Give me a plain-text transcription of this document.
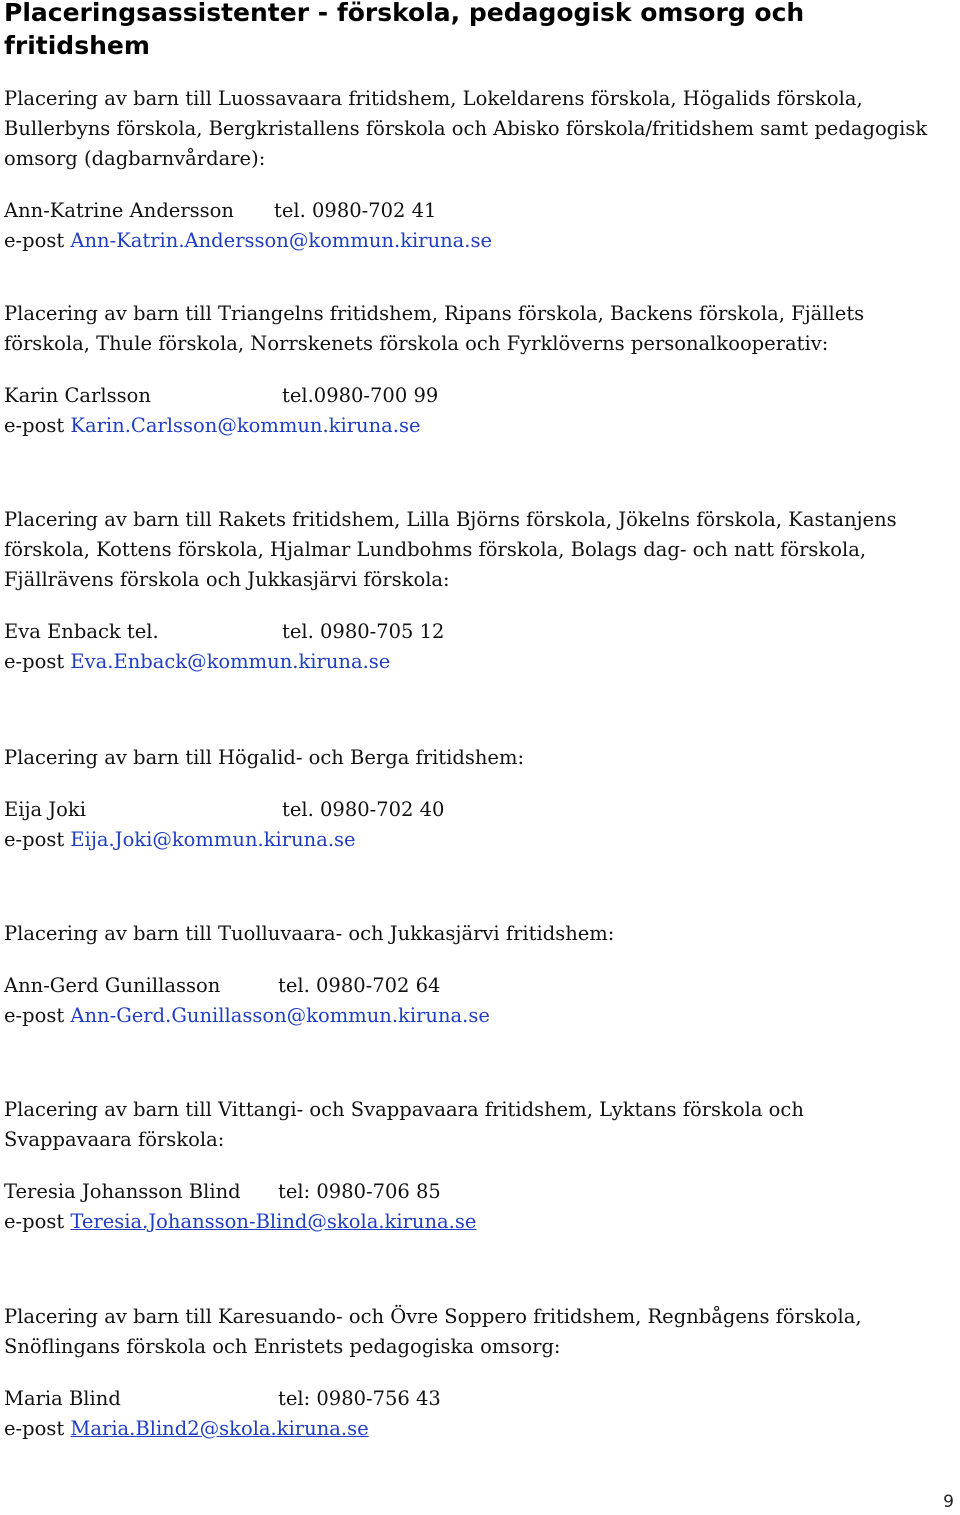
Placeringsassistenter - förskola, pedagogisk omsorg och fritidshem

Placering av barn till Luossavaara fritidshem, Lokeldarens förskola, Högalids förskola, Bullerbyns förskola, Bergkristallens förskola och Abisko förskola/fritidshem samt pedagogisk omsorg (dagbarnvårdare):

Ann-Katrine Andersson tel. 0980-702 41
e-post Ann-Katrin.Andersson@kommun.kiruna.se

Placering av barn till Triangelns fritidshem, Ripans förskola, Backens förskola, Fjällets förskola, Thule förskola, Norrskenets förskola och Fyrklöverns personalkooperativ:

Karin Carlsson	tel.0980-700 99
e-post Karin.Carlsson@kommun.kiruna.se

Placering av barn till Rakets fritidshem, Lilla Björns förskola, Jökelns förskola, Kastanjens förskola, Kottens förskola, Hjalmar Lundbohms förskola, Bolags dag- och natt förskola, Fjällrävens förskola och Jukkasjärvi förskola:

Eva Enback tel.	tel. 0980-705 12
e-post Eva.Enback@kommun.kiruna.se

Placering av barn till Högalid- och Berga fritidshem:

Eija Joki	tel. 0980-702 40
e-post Eija.Joki@kommun.kiruna.se

Placering av barn till Tuolluvaara- och Jukkasjärvi fritidshem:

Ann-Gerd Gunillasson	tel. 0980-702 64
e-post Ann-Gerd.Gunillasson@kommun.kiruna.se

Placering av barn till Vittangi- och Svappavaara fritidshem, Lyktans förskola och Svappavaara förskola:

Teresia Johansson Blind tel: 0980-706 85
e-post Teresia.Johansson-Blind@skola.kiruna.se

Placering av barn till Karesuando- och Övre Soppero fritidshem, Regnbågens förskola, Snöflingans förskola och Enristets pedagogiska omsorg:

Maria Blind	tel: 0980-756 43
e-post Maria.Blind2@skola.kiruna.se
9
